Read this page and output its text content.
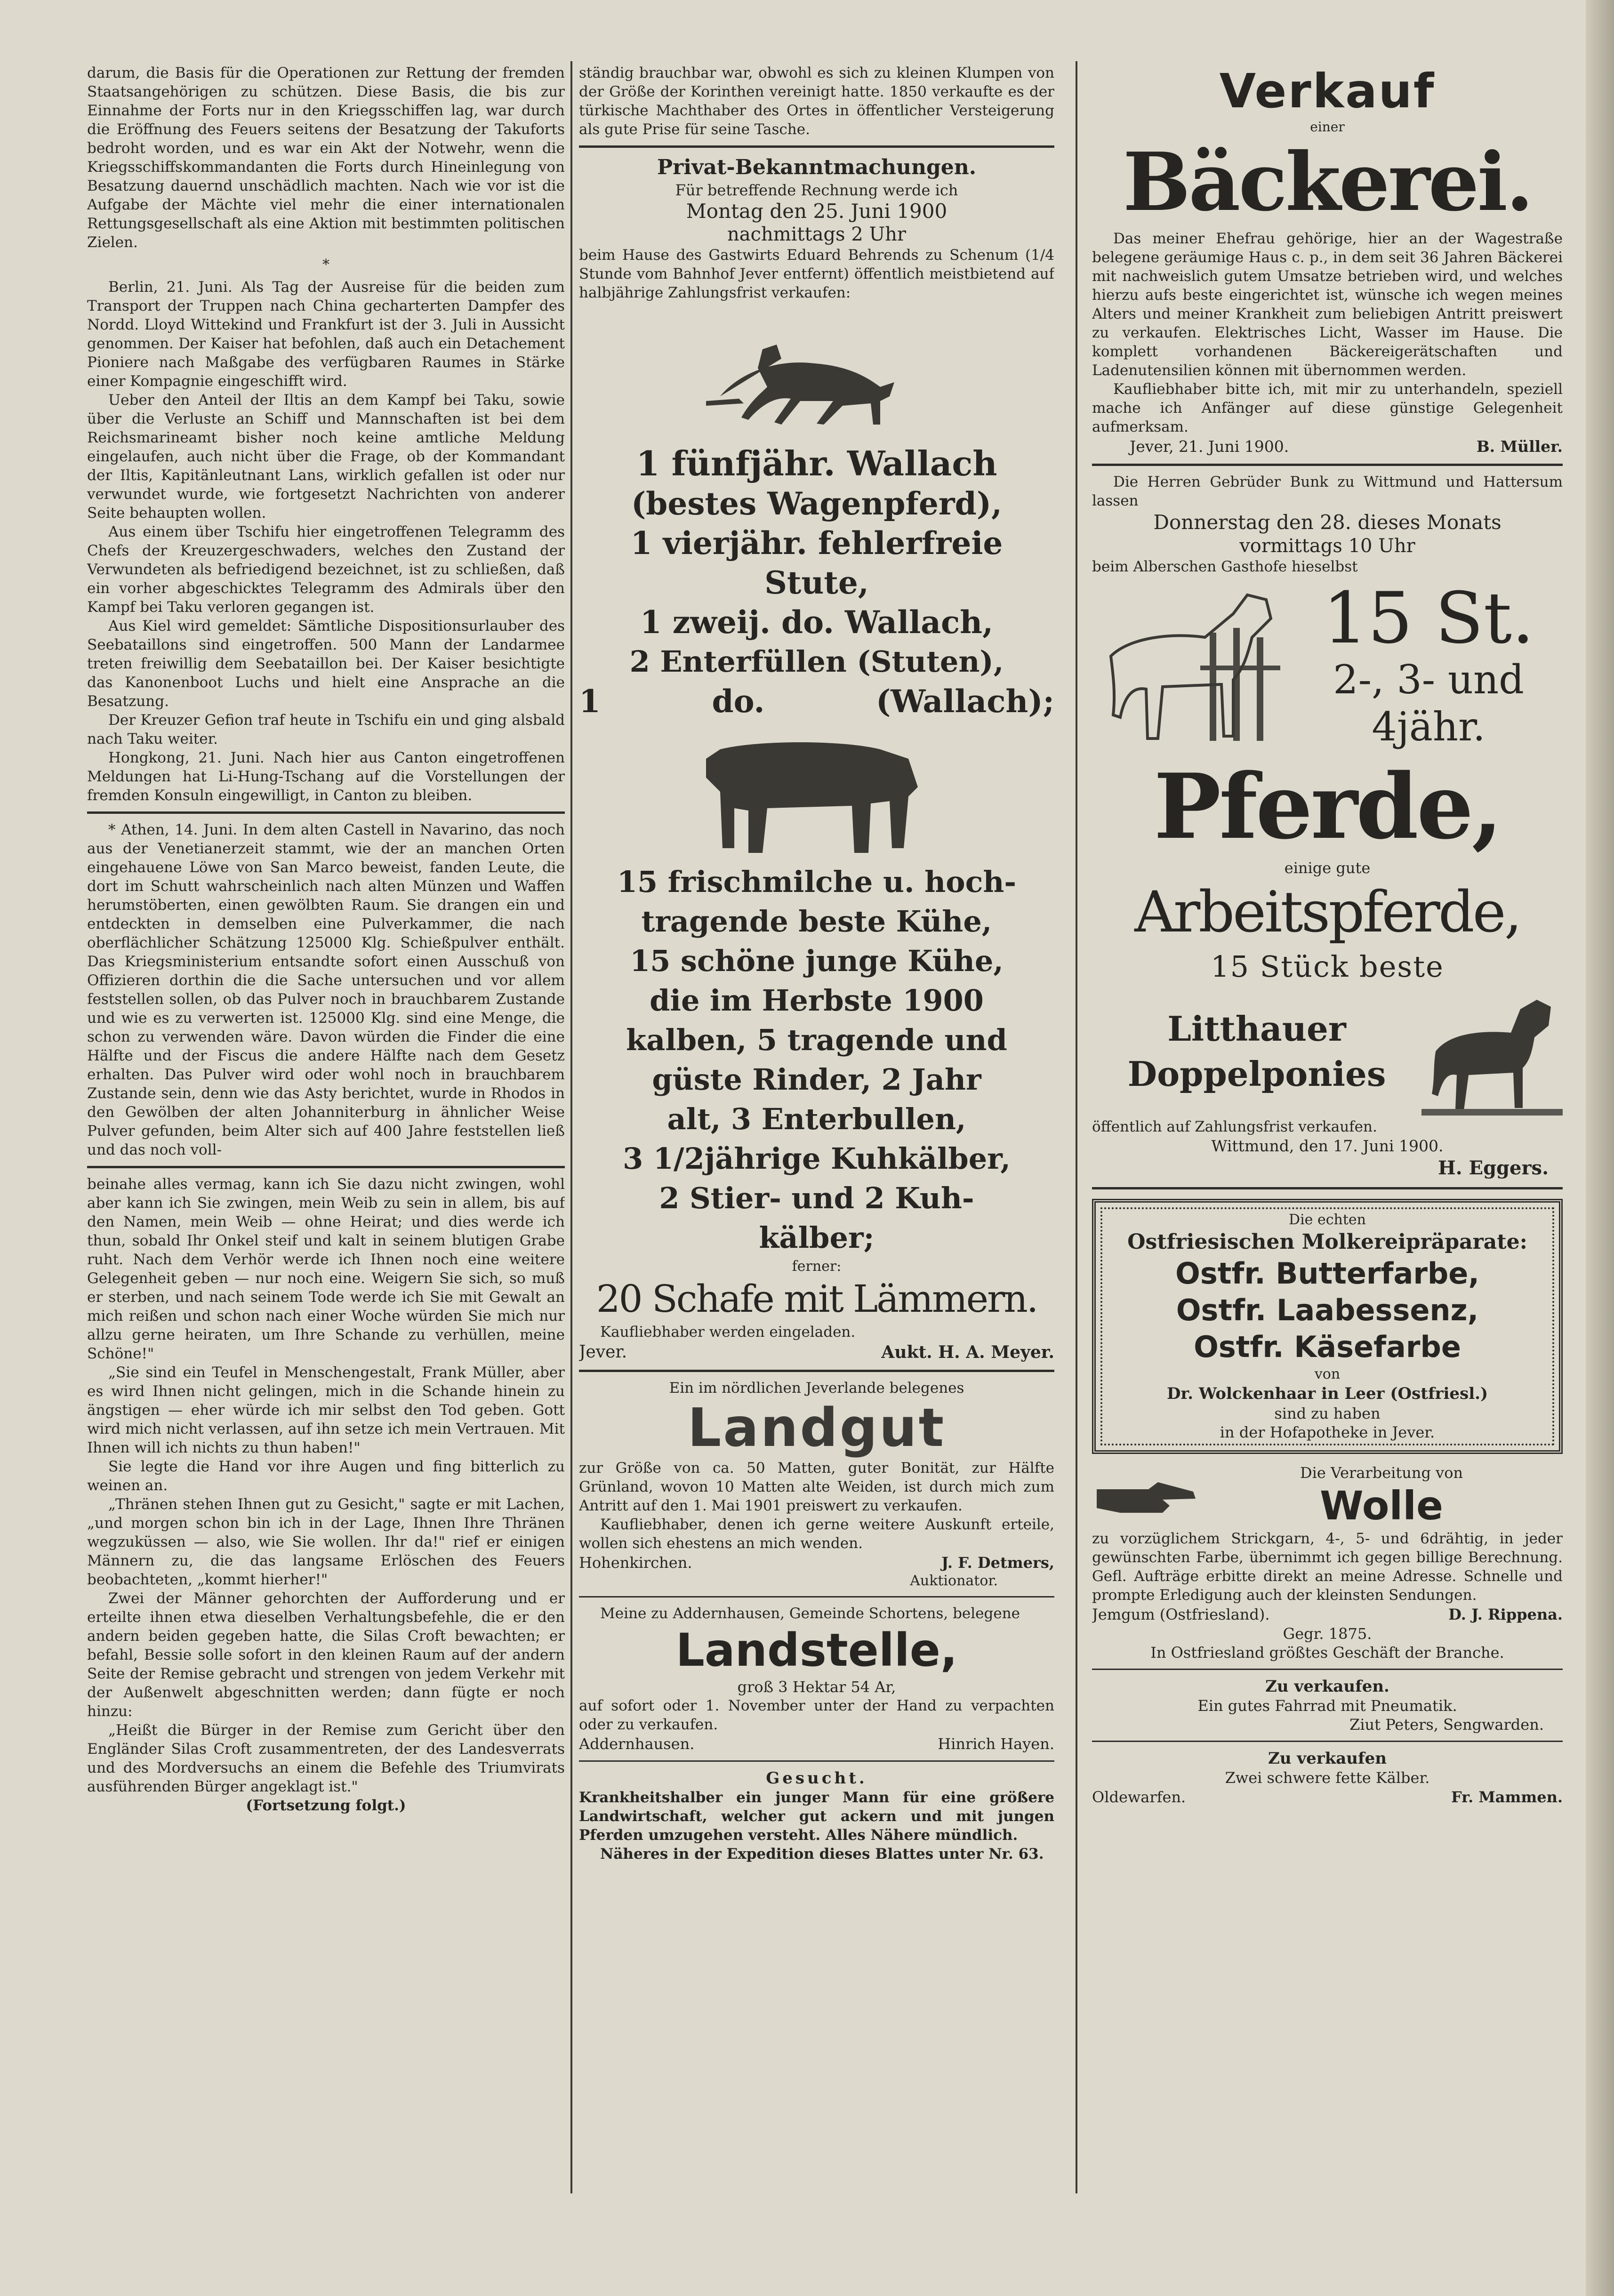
darum, die Basis für die Operationen zur Rettung der fremden Staatsangehörigen zu schützen. Diese Basis, die bis zur Einnahme der Forts nur in den Kriegsschiffen lag, war durch die Eröffnung des Feuers seitens der Besatzung der Takuforts bedroht worden, und es war ein Akt der Notwehr, wenn die Kriegsschiffskommandanten die Forts durch Hineinlegung von Besatzung dauernd unschädlich machten. Nach wie vor ist die Aufgabe der Mächte viel mehr die einer internationalen Rettungsgesellschaft als eine Aktion mit bestimmten politischen Zielen.

*

Berlin, 21. Juni. Als Tag der Ausreise für die beiden zum Transport der Truppen nach China gecharterten Dampfer des Nordd. Lloyd Wittekind und Frankfurt ist der 3. Juli in Aussicht genommen. Der Kaiser hat befohlen, daß auch ein Detachement Pioniere nach Maßgabe des verfügbaren Raumes in Stärke einer Kompagnie eingeschifft wird.

Ueber den Anteil der Iltis an dem Kampf bei Taku, sowie über die Verluste an Schiff und Mannschaften ist bei dem Reichsmarineamt bisher noch keine amtliche Meldung eingelaufen, auch nicht über die Frage, ob der Kommandant der Iltis, Kapitänleutnant Lans, wirklich gefallen ist oder nur verwundet wurde, wie fortgesetzt Nachrichten von anderer Seite behaupten wollen.

Aus einem über Tschifu hier eingetroffenen Telegramm des Chefs der Kreuzergeschwaders, welches den Zustand der Verwundeten als befriedigend bezeichnet, ist zu schließen, daß ein vorher abgeschicktes Telegramm des Admirals über den Kampf bei Taku verloren gegangen ist.

Aus Kiel wird gemeldet: Sämtliche Dispositionsurlauber des Seebataillons sind eingetroffen. 500 Mann der Landarmee treten freiwillig dem Seebataillon bei. Der Kaiser besichtigte das Kanonenboot Luchs und hielt eine Ansprache an die Besatzung.

Der Kreuzer Gefion traf heute in Tschifu ein und ging alsbald nach Taku weiter.

Hongkong, 21. Juni. Nach hier aus Canton eingetroffenen Meldungen hat Li-Hung-Tschang auf die Vorstellungen der fremden Konsuln eingewilligt, in Canton zu bleiben.

* Athen, 14. Juni. In dem alten Castell in Navarino, das noch aus der Venetianerzeit stammt, wie der an manchen Orten eingehauene Löwe von San Marco beweist, fanden Leute, die dort im Schutt wahrscheinlich nach alten Münzen und Waffen herumstöberten, einen gewölbten Raum. Sie drangen ein und entdeckten in demselben eine Pulverkammer, die nach oberflächlicher Schätzung 125000 Klg. Schießpulver enthält. Das Kriegsministerium entsandte sofort einen Ausschuß von Offizieren dorthin die die Sache untersuchen und vor allem feststellen sollen, ob das Pulver noch in brauchbarem Zustande und wie es zu verwerten ist. 125000 Klg. sind eine Menge, die schon zu verwenden wäre. Davon würden die Finder die eine Hälfte und der Fiscus die andere Hälfte nach dem Gesetz erhalten. Das Pulver wird oder wohl noch in brauchbarem Zustande sein, denn wie das Asty berichtet, wurde in Rhodos in den Gewölben der alten Johanniterburg in ähnlicher Weise Pulver gefunden, beim Alter sich auf 400 Jahre feststellen ließ und das noch voll-

beinahe alles vermag, kann ich Sie dazu nicht zwingen, wohl aber kann ich Sie zwingen, mein Weib zu sein in allem, bis auf den Namen, mein Weib — ohne Heirat; und dies werde ich thun, sobald Ihr Onkel steif und kalt in seinem blutigen Grabe ruht. Nach dem Verhör werde ich Ihnen noch eine weitere Gelegenheit geben — nur noch eine. Weigern Sie sich, so muß er sterben, und nach seinem Tode werde ich Sie mit Gewalt an mich reißen und schon nach einer Woche würden Sie mich nur allzu gerne heiraten, um Ihre Schande zu verhüllen, meine Schöne!"

„Sie sind ein Teufel in Menschengestalt, Frank Müller, aber es wird Ihnen nicht gelingen, mich in die Schande hinein zu ängstigen — eher würde ich mir selbst den Tod geben. Gott wird mich nicht verlassen, auf ihn setze ich mein Vertrauen. Mit Ihnen will ich nichts zu thun haben!"

Sie legte die Hand vor ihre Augen und fing bitterlich zu weinen an.

„Thränen stehen Ihnen gut zu Gesicht," sagte er mit Lachen, „und morgen schon bin ich in der Lage, Ihnen Ihre Thränen wegzuküssen — also, wie Sie wollen. Ihr da!" rief er einigen Männern zu, die das langsame Erlöschen des Feuers beobachteten, „kommt hierher!"

Zwei der Männer gehorchten der Aufforderung und er erteilte ihnen etwa dieselben Verhaltungsbefehle, die er den andern beiden gegeben hatte, die Silas Croft bewachten; er befahl, Bessie solle sofort in den kleinen Raum auf der andern Seite der Remise gebracht und strengen von jedem Verkehr mit der Außenwelt abgeschnitten werden; dann fügte er noch hinzu:

„Heißt die Bürger in der Remise zum Gericht über den Engländer Silas Croft zusammentreten, der des Landesverrats und des Mordversuchs an einem die Befehle des Triumvirats ausführenden Bürger angeklagt ist."

(Fortsetzung folgt.)

ständig brauchbar war, obwohl es sich zu kleinen Klumpen von der Größe der Korinthen vereinigt hatte. 1850 verkaufte es der türkische Machthaber des Ortes in öffentlicher Versteigerung als gute Prise für seine Tasche.

Privat-Bekanntmachungen.

Für betreffende Rechnung werde ich

Montag den 25. Juni 1900

nachmittags 2 Uhr

beim Hause des Gastwirts Eduard Behrends zu Schenum (1/4 Stunde vom Bahnhof Jever entfernt) öffentlich meistbietend auf halbjährige Zahlungsfrist verkaufen:

1 fünfjähr. Wallach

(bestes Wagenpferd),

1 vierjähr. fehlerfreie

Stute,

1 zweij. do. Wallach,

2 Enterfüllen (Stuten),

1	do.	(Wallach);

15 frischmilche u. hoch-

tragende beste Kühe,

15 schöne junge Kühe,

die im Herbste 1900

kalben, 5 tragende und

güste Rinder, 2 Jahr

alt, 3 Enterbullen,

3 1/2jährige Kuhkälber,

2 Stier- und 2 Kuh-

kälber;

ferner:

20 Schafe mit Lämmern.

Kaufliebhaber werden eingeladen.

Jever.	Aukt. H. A. Meyer.

Ein im nördlichen Jeverlande belegenes

Landgut

zur Größe von ca. 50 Matten, guter Bonität, zur Hälfte Grünland, wovon 10 Matten alte Weiden, ist durch mich zum Antritt auf den 1. Mai 1901 preiswert zu verkaufen.

Kaufliebhaber, denen ich gerne weitere Auskunft erteile, wollen sich ehestens an mich wenden.

Hohenkirchen.	J. F. Detmers,

Auktionator.

Meine zu Addernhausen, Gemeinde Schortens, belegene

Landstelle,

groß 3 Hektar 54 Ar,

auf sofort oder 1. November unter der Hand zu verpachten oder zu verkaufen.

Addernhausen.	Hinrich Hayen.

Gesucht.

Krankheitshalber ein junger Mann für eine größere Landwirtschaft, welcher gut ackern und mit jungen Pferden umzugehen versteht. Alles Nähere mündlich.

Näheres in der Expedition dieses Blattes unter Nr. 63.

Verkauf

einer

Bäckerei.

Das meiner Ehefrau gehörige, hier an der Wagestraße belegene geräumige Haus c. p., in dem seit 36 Jahren Bäckerei mit nachweislich gutem Umsatze betrieben wird, und welches hierzu aufs beste eingerichtet ist, wünsche ich wegen meines Alters und meiner Krankheit zum beliebigen Antritt preiswert zu verkaufen. Elektrisches Licht, Wasser im Hause. Die komplett vorhandenen Bäckereigerätschaften und Ladenutensilien können mit übernommen werden.

Kaufliebhaber bitte ich, mit mir zu unterhandeln, speziell mache ich Anfänger auf diese günstige Gelegenheit aufmerksam.

Jever, 21. Juni 1900.	B. Müller.

Die Herren Gebrüder Bunk zu Wittmund und Hattersum lassen

Donnerstag den 28. dieses Monats

vormittags 10 Uhr

beim Alberschen Gasthofe hieselbst

15 St.

2-, 3- und

4jähr.

Pferde,

einige gute

Arbeitspferde,

15 Stück beste

Litthauer

Doppelponies

öffentlich auf Zahlungsfrist verkaufen.

Wittmund, den 17. Juni 1900.

H. Eggers.

Die echten

Ostfriesischen Molkereipräparate:

Ostfr. Butterfarbe,

Ostfr. Laabessenz,

Ostfr. Käsefarbe

von

Dr. Wolckenhaar in Leer (Ostfriesl.)

sind zu haben

in der Hofapotheke in Jever.

Die Verarbeitung von

Wolle

zu vorzüglichem Strickgarn, 4-, 5- und 6drähtig, in jeder gewünschten Farbe, übernimmt ich gegen billige Berechnung. Gefl. Aufträge erbitte direkt an meine Adresse. Schnelle und prompte Erledigung auch der kleinsten Sendungen.

Jemgum (Ostfriesland).	D. J. Rippena.

Gegr. 1875.

In Ostfriesland größtes Geschäft der Branche.

Zu verkaufen.

Ein gutes Fahrrad mit Pneumatik.

Ziut Peters, Sengwarden.

Zu verkaufen

Zwei schwere fette Kälber.

Oldewarfen.	Fr. Mammen.
